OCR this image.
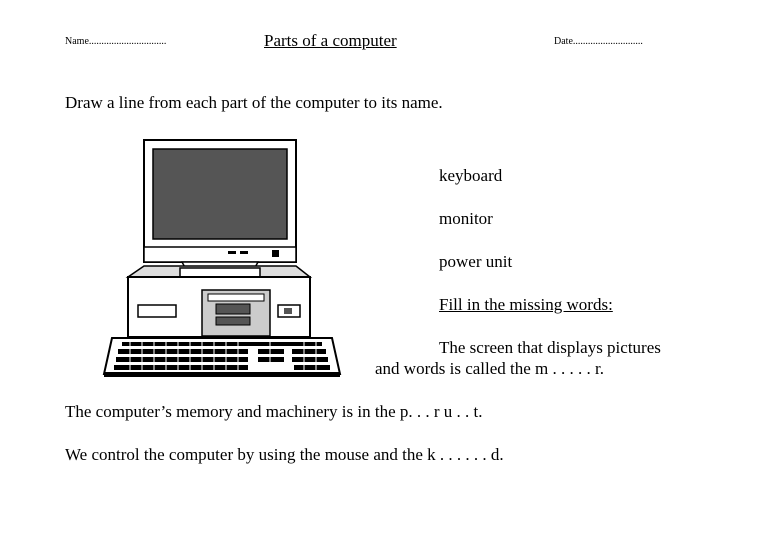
Name...............................	Parts of a computer	Date............................
Draw a line from each part of the computer to its name.
keyboard
monitor
power unit
Fill in the missing words:
The screen that displays pictures
and words is called the m . . . . . r.
The computer’s memory and machinery is in the p. . . r u . . t.
We control the computer by using the mouse and the k . . . . . . d.
